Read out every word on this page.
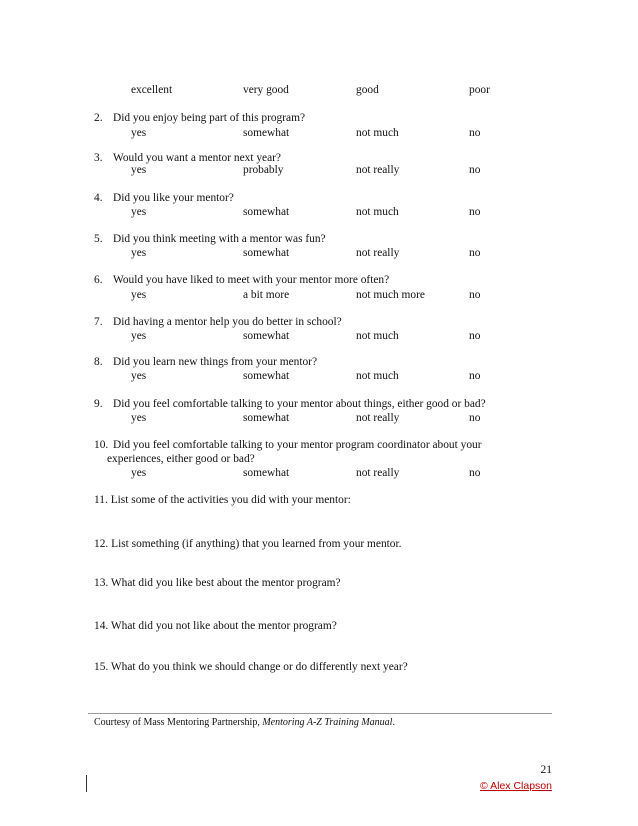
excellent	very good	good	poor
2. Did you enjoy being part of this program?
yes	somewhat	not much	no
3. Would you want a mentor next year?
yes	probably	not really	no
4. Did you like your mentor?
yes	somewhat	not much	no
5. Did you think meeting with a mentor was fun?
yes	somewhat	not really	no
6. Would you have liked to meet with your mentor more often?
yes	a bit more	not much more	no
7. Did having a mentor help you do better in school?
yes	somewhat	not much	no
8. Did you learn new things from your mentor?
yes	somewhat	not much	no
9. Did you feel comfortable talking to your mentor about things, either good or bad?
yes	somewhat	not really	no
10. Did you feel comfortable talking to your mentor program coordinator about your
experiences, either good or bad?
yes	somewhat	not really	no
11. List some of the activities you did with your mentor:
12. List something (if anything) that you learned from your mentor.
13. What did you like best about the mentor program?
14. What did you not like about the mentor program?
15. What do you think we should change or do differently next year?
Courtesy of Mass Mentoring Partnership, Mentoring A-Z Training Manual.
21
© Alex Clapson
